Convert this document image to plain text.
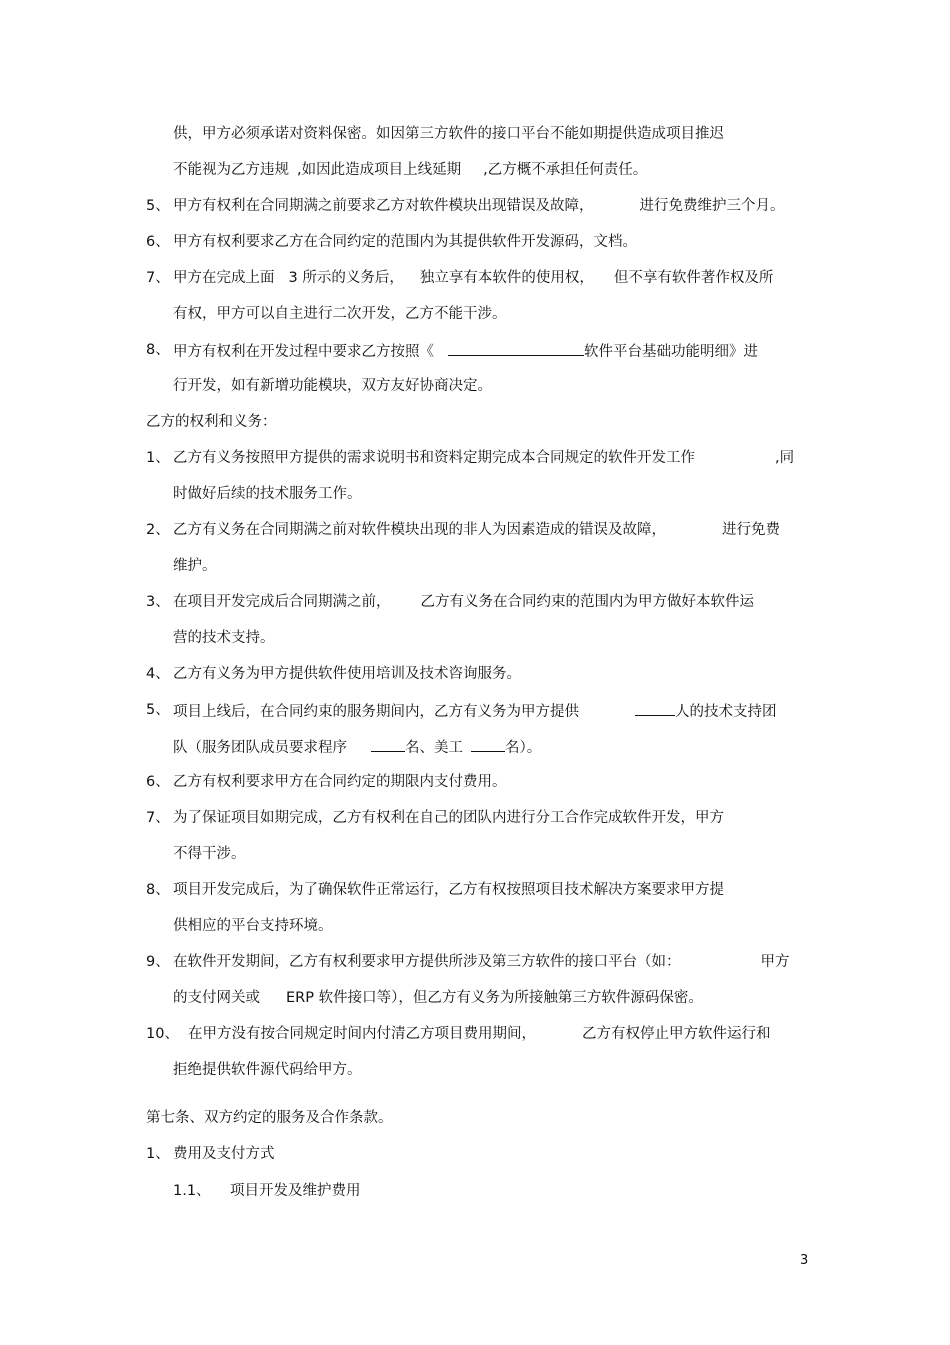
供，甲方必须承诺对资料保密。如因第三方软件的接口平台不能如期提供造成项目推迟
不能视为乙方违规 ,如因此造成项目上线延期 ,乙方概不承担任何责任。
5、 甲方有权利在合同期满之前要求乙方对软件模块出现错误及故障，	进行免费维护三个月。
6、 甲方有权利要求乙方在合同约定的范围内为其提供软件开发源码，文档。
7、 甲方在完成上面 3 所示的义务后， 独立享有本软件的使用权， 但不享有软件著作权及所
有权，甲方可以自主进行二次开发，乙方不能干涉。
8、 甲方有权利在开发过程中要求乙方按照《	软件平台基础功能明细》进
行开发，如有新增功能模块，双方友好协商决定。
乙方的权利和义务：
1、 乙方有义务按照甲方提供的需求说明书和资料定期完成本合同规定的软件开发工作	,同
时做好后续的技术服务工作。
2、 乙方有义务在合同期满之前对软件模块出现的非人为因素造成的错误及故障，	进行免费
维护。
3、 在项目开发完成后合同期满之前， 乙方有义务在合同约束的范围内为甲方做好本软件运
营的技术支持。
4、 乙方有义务为甲方提供软件使用培训及技术咨询服务。
5、 项目上线后，在合同约束的服务期间内，乙方有义务为甲方提供	人的技术支持团
队（服务团队成员要求程序	名、美工	名）。
6、 乙方有权利要求甲方在合同约定的期限内支付费用。
7、 为了保证项目如期完成，乙方有权利在自己的团队内进行分工合作完成软件开发，甲方
不得干涉。
8、 项目开发完成后，为了确保软件正常运行，乙方有权按照项目技术解决方案要求甲方提
供相应的平台支持环境。
9、 在软件开发期间，乙方有权利要求甲方提供所涉及第三方软件的接口平台（如：	甲方
的支付网关或 ERP 软件接口等），但乙方有义务为所接触第三方软件源码保密。
10、 在甲方没有按合同规定时间内付清乙方项目费用期间，	乙方有权停止甲方软件运行和
拒绝提供软件源代码给甲方。
第七条、双方约定的服务及合作条款。
1、 费用及支付方式
1.1、 项目开发及维护费用
3
